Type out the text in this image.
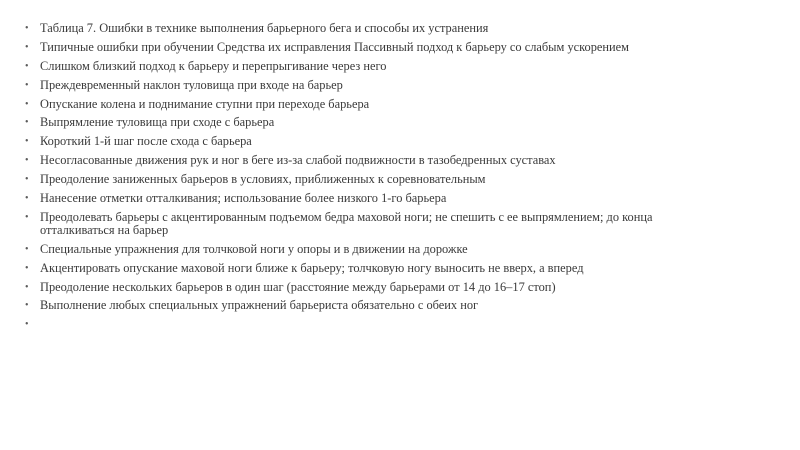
• Таблица 7. Ошибки в технике выполнения барьерного бега и способы их устранения
• Типичные ошибки при обучении Средства их исправления Пассивный подход к барьеру со слабым ускорением
• Слишком близкий подход к барьеру и перепрыгивание через него
• Преждевременный наклон туловища при входе на барьер
• Опускание колена и поднимание ступни при переходе барьера
• Выпрямление туловища при сходе с барьера
• Короткий 1-й шаг после схода с барьера
• Несогласованные движения рук и ног в беге из-за слабой подвижности в тазобедренных суставах
• Преодоление заниженных барьеров в условиях, приближенных к соревновательным
• Нанесение отметки отталкивания; использование более низкого 1-го барьера
• Преодолевать барьеры с акцентированным подъемом бедра маховой ноги; не спешить с ее выпрямлением; до конца отталкиваться на барьер
• Специальные упражнения для толчковой ноги у опоры и в движении на дорожке
• Акцентировать опускание маховой ноги ближе к барьеру; толчковую ногу выносить не вверх, а вперед
• Преодоление нескольких барьеров в один шаг (расстояние между барьерами от 14 до 16–17 стоп)
• Выполнение любых специальных упражнений барьериста обязательно с обеих ног
•
